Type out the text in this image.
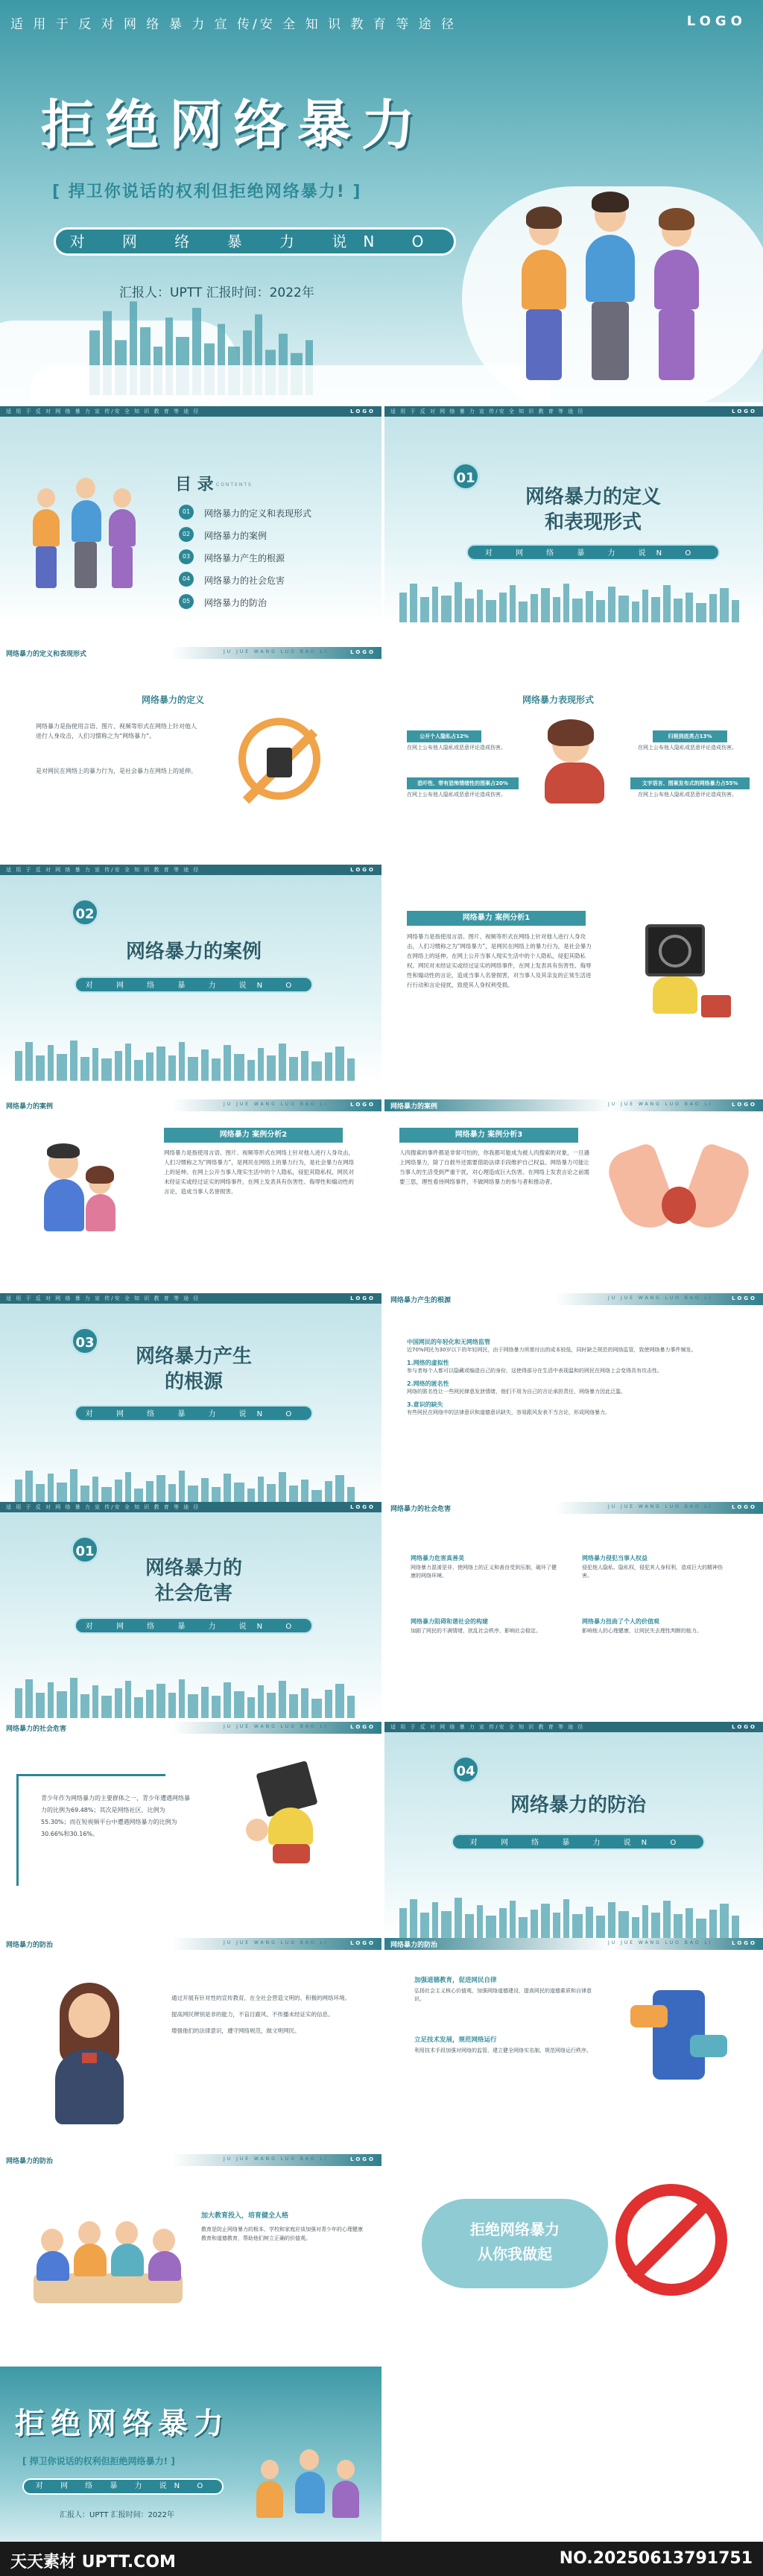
适 用 于 反 对 网 络 暴 力 宣 传/安 全 知 识 教 育 等 途 径	LOGO
拒绝网络暴力
[ 捍卫你说话的权利但拒绝网络暴力! ]
对 网 络 暴 力 说N O
汇报人：UPTT 汇报时间：2022年
适 用 于 反 对 网 络 暴 力 宣 传/安 全 知 识 教 育 等 途 径	LOGO
目 录 CONTENTS
01	网络暴力的定义和表现形式
02	网络暴力的案例
03	网络暴力产生的根源
04	网络暴力的社会危害
05	网络暴力的防治
适 用 于 反 对 网 络 暴 力 宣 传/安 全 知 识 教 育 等 途 径	LOGO
01
网络暴力的定义
和表现形式
对 网 络 暴 力 说N O
网络暴力的定义和表现形式	JU JUE WANG LUO BAO LI	LOGO
网络暴力的定义
网络暴力是指使用言语、图片、视频等形式在网络上针对他人进行人身攻击，人们习惯称之为“网络暴力”。
是对网民在网络上的暴力行为，是社会暴力在网络上的延伸。
网络暴力表现形式
公开个人隐私占12%
在网上公布他人隐私或恶意评论造成伤害。
归根到底类占13%
在网上公布他人隐私或恶意评论造成伤害。
恐吓性、带有恐怖情绪性的图案占20%
在网上公布他人隐私或恶意评论造成伤害。
文字语言、图案发布式的网络暴力占55%
在网上公布他人隐私或恶意评论造成伤害。
适 用 于 反 对 网 络 暴 力 宣 传/安 全 知 识 教 育 等 途 径	LOGO
02
网络暴力的案例
对 网 络 暴 力 说N O
网络暴力 案例分析1
网络暴力是指使用言语、图片、视频等形式在网络上针对他人进行人身攻击，人们习惯称之为“网络暴力”，是网民在网络上的暴力行为，是社会暴力在网络上的延伸。在网上公开当事人现实生活中的个人隐私，侵犯其隐私权。网民对未经证实或经过证实的网络事件，在网上发表具有伤害性、侮辱性和煽动性的言论，造成当事人名誉损害，对当事人及其亲友的正常生活进行行动和言论侵扰，致使其人身权利受损。
网络暴力的案例	JU JUE WANG LUO BAO LI	LOGO
网络暴力 案例分析2
网络暴力是指使用言语、图片、视频等形式在网络上针对他人进行人身攻击，人们习惯称之为“网络暴力”，是网民在网络上的暴力行为，是社会暴力在网络上的延伸。在网上公开当事人现实生活中的个人隐私，侵犯其隐私权。网民对未经证实或经过证实的网络事件，在网上发表具有伤害性、侮辱性和煽动性的言论，造成当事人名誉损害。
网络暴力的案例	JU JUE WANG LUO BAO LI	LOGO
网络暴力 案例分析3
人肉搜索的事件都是非常可怕的，你我都可能成为被人肉搜索的对象，一旦遇上网络暴力，除了自救外还需要借助法律手段维护自己权益。网络暴力可能让当事人的生活受到严重干扰，对心理造成巨大伤害。在网络上发表言论之前需要三思，理性看待网络事件，不做网络暴力的参与者和推动者。
适 用 于 反 对 网 络 暴 力 宣 传/安 全 知 识 教 育 等 途 径	LOGO
03
网络暴力产生
的根源
对 网 络 暴 力 说N O
网络暴力产生的根源	JU JUE WANG LUO BAO LI	LOGO
中国网民的年轻化和无网络监管
近70%网民为30岁以下的年轻网民，由于网络暴力所需付出的成本较低，同时缺乏规范的网络监管，致使网络暴力事件频发。
1.网络的虚拟性
参与者每个人都可以隐藏或编造自己的身份，这使得部分在生活中表现温和的网民在网络上会变得具有攻击性。
2.网络的匿名性
网络的匿名性让一些网民肆意发泄情绪，他们不用为自己的言论承担责任，网络暴力因此泛滥。
3.意识的缺失
有些网民在网络中的法律意识和道德意识缺失，容易跟风发表不当言论，形成网络暴力。
适 用 于 反 对 网 络 暴 力 宣 传/安 全 知 识 教 育 等 途 径	LOGO
01
网络暴力的
社会危害
对 网 络 暴 力 说N O
网络暴力的社会危害	JU JUE WANG LUO BAO LI	LOGO
网络暴力危害真善美
网络暴力混淆是非，使网络上的正义和善良受到压制，破坏了健康的网络环境。
网络暴力侵犯当事人权益
侵犯他人隐私、隐私权，侵犯其人身权利，造成巨大的精神伤害。
网络暴力阻碍和谐社会的构建
加剧了网民的不满情绪，扰乱社会秩序，影响社会稳定。
网络暴力扭曲了个人的价值观
影响他人的心理健康，让网民失去理性判断的能力。
网络暴力的社会危害	JU JUE WANG LUO BAO LI	LOGO
青少年作为网络暴力的主要群体之一，青少年遭遇网络暴力的比例为69.48%；其次是网络社区，比例为55.30%；而在短视频平台中遭遇网络暴力的比例为30.66%和30.16%。
适 用 于 反 对 网 络 暴 力 宣 传/安 全 知 识 教 育 等 途 径	LOGO
04
网络暴力的防治
对 网 络 暴 力 说N O
网络暴力的防治	JU JUE WANG LUO BAO LI	LOGO
通过开展有针对性的宣传教育，在全社会营造文明的、积极的网络环境。
提高网民辨别是非的能力，不盲目跟风、不传播未经证实的信息。
增强他们的法律意识，遵守网络规范，做文明网民。
网络暴力的防治	JU JUE WANG LUO BAO LI	LOGO
加强道德教育，促进网民自律
弘扬社会主义核心价值观，加强网络道德建设，提高网民的道德素质和自律意识。
立足技术发展，规范网络运行
利用技术手段加强对网络的监管，建立健全网络实名制，规范网络运行秩序。
网络暴力的防治	JU JUE WANG LUO BAO LI	LOGO
加大教育投入，培育健全人格
教育是防止网络暴力的根本，学校和家庭应该加强对青少年的心理健康教育和道德教育，帮助他们树立正确的价值观。	拒绝网络暴力
从你我做起
拒绝网络暴力
[ 捍卫你说话的权利但拒绝网络暴力! ]
对 网 络 暴 力 说N O
汇报人：UPTT 汇报时间：2022年
天天素材 UPTT.COM	NO.20250613791751
